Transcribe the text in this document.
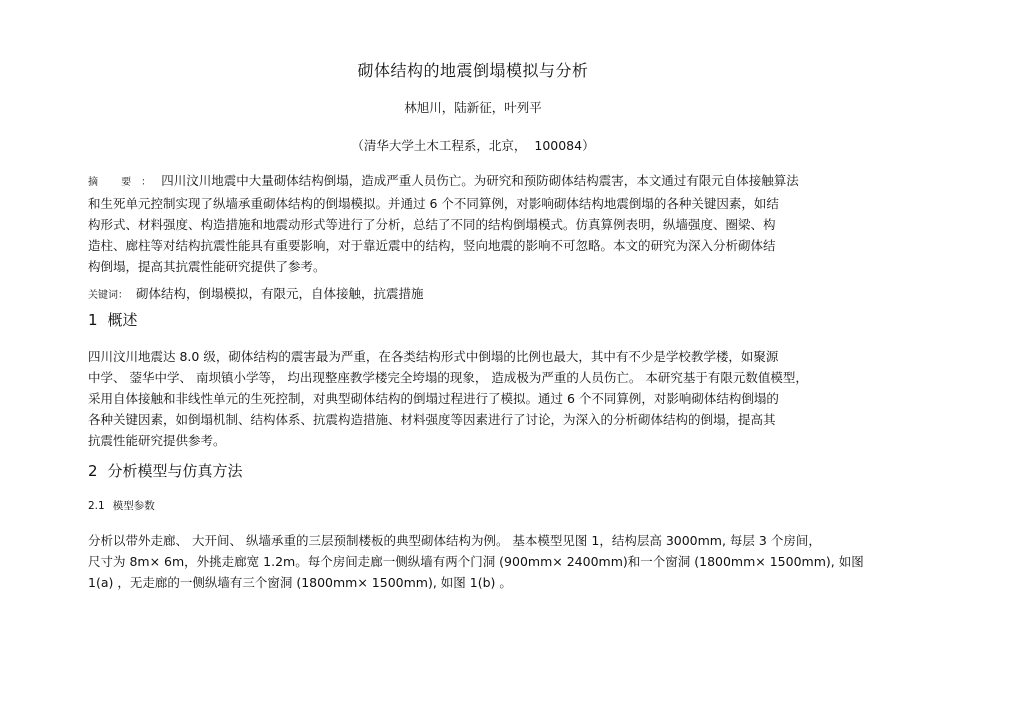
砌体结构的地震倒塌模拟与分析
林旭川，陆新征，叶列平
（清华大学土木工程系，北京， 100084）
摘 要：四川汶川地震中大量砌体结构倒塌，造成严重人员伤亡。为研究和预防砌体结构震害，本文通过有限元自体接触算法
和生死单元控制实现了纵墙承重砌体结构的倒塌模拟。并通过 6 个不同算例，对影响砌体结构地震倒塌的各种关键因素，如结
构形式、材料强度、构造措施和地震动形式等进行了分析，总结了不同的结构倒塌模式。仿真算例表明，纵墙强度、圈梁、构
造柱、廊柱等对结构抗震性能具有重要影响，对于靠近震中的结构，竖向地震的影响不可忽略。本文的研究为深入分析砌体结
构倒塌，提高其抗震性能研究提供了参考。
关键词： 砌体结构，倒塌模拟，有限元，自体接触，抗震措施
1 概述
四川汶川地震达 8.0 级，砌体结构的震害最为严重，在各类结构形式中倒塌的比例也最大，其中有不少是学校教学楼，如聚源
中学、 蓥华中学、 南坝镇小学等， 均出现整座教学楼完全垮塌的现象， 造成极为严重的人员伤亡。 本研究基于有限元数值模型，
采用自体接触和非线性单元的生死控制，对典型砌体结构的倒塌过程进行了模拟。通过 6 个不同算例，对影响砌体结构倒塌的
各种关键因素，如倒塌机制、结构体系、抗震构造措施、材料强度等因素进行了讨论，为深入的分析砌体结构的倒塌，提高其
抗震性能研究提供参考。
2 分析模型与仿真方法
2.1 模型参数
分析以带外走廊、 大开间、 纵墙承重的三层预制楼板的典型砌体结构为例。 基本模型见图 1，结构层高 3000mm, 每层 3 个房间，
尺寸为 8m× 6m，外挑走廊宽 1.2m。每个房间走廊一侧纵墙有两个门洞 (900mm× 2400mm)和一个窗洞 (1800mm× 1500mm), 如图
1(a) ，无走廊的一侧纵墙有三个窗洞 (1800mm× 1500mm), 如图 1(b) 。
